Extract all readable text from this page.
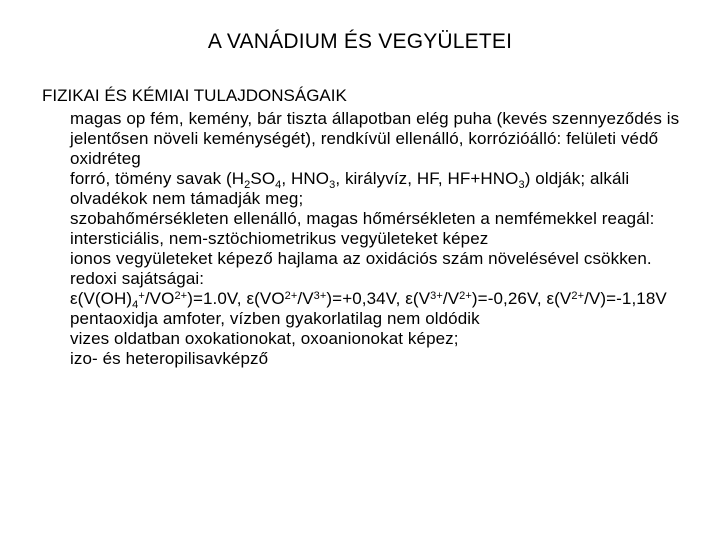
A VANÁDIUM ÉS VEGYÜLETEI

FIZIKAI ÉS KÉMIAI TULAJDONSÁGAIK

magas op fém, kemény, bár tiszta állapotban elég puha (kevés szennyeződés is jelentősen növeli keménységét), rendkívül ellenálló, korrózióálló: felületi védő oxidréteg
forró, tömény savak ($H_2SO_4$, $HNO_3$, királyvíz, HF, $HF+HNO_3$) oldják; alkáli olvadékok nem támadják meg;
szobahőmérsékleten ellenálló, magas hőmérsékleten a nemfémekkel reagál: intersticiális, nem-sztöchiometrikus vegyületeket képez
ionos vegyületeket képező hajlama az oxidációs szám növelésével csökken.
redoxi sajátságai:
$\varepsilon(V(OH)_4^+/VO^{2+})=1.0V$, $\varepsilon(VO^{2+}/V^{3+})=+0,34V$, $\varepsilon(V^{3+}/V^{2+})=-0,26V$, $\varepsilon(V^{2+}/V)=-1,18V$
pentaoxidja amfoter, vízben gyakorlatilag nem oldódik
vizes oldatban oxokationokat, oxoanionokat képez;
izo- és heteropilisavképző
